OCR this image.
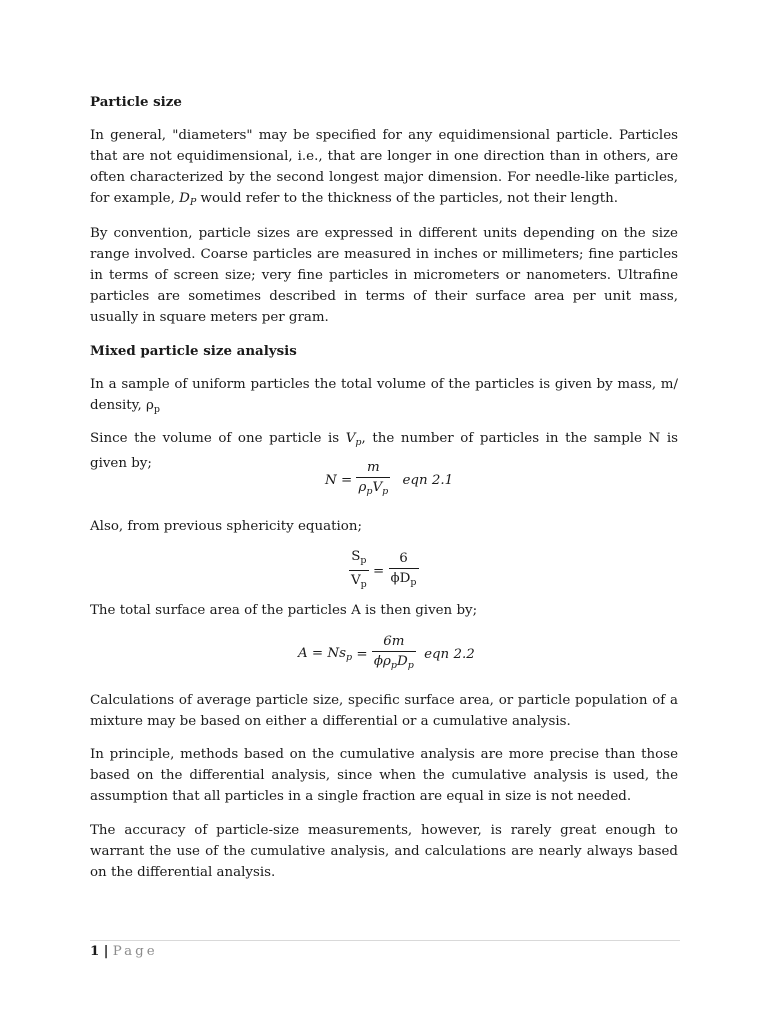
Particle size

In general, "diameters" may be specified for any equidimensional particle. Particles that are not equidimensional, i.e., that are longer in one direction than in others, are often characterized by the second longest major dimension. For needle-like particles, for example, $D_P$ would refer to the thickness of the particles, not their length.

By convention, particle sizes are expressed in different units depending on the size range involved. Coarse particles are measured in inches or millimeters; fine particles in terms of screen size; very fine particles in micrometers or nanometers. Ultrafine particles are sometimes described in terms of their surface area per unit mass, usually in square meters per gram.

Mixed particle size analysis

In a sample of uniform particles the total volume of the particles is given by mass, m/ density, $\rho_p$

Since the volume of one particle is $V_p$, the number of particles in the sample N is given by;

$N = \frac{m}{\rho_pV_p}$ eqn 2.1

Also, from previous sphericity equation;

$\frac{S_p}{V_p} = \frac{6}{\phi D_p}$

The total surface area of the particles A is then given by;

$A = Ns_p = \frac{6m}{\phi\rho_pD_p}$ eqn 2.2

Calculations of average particle size, specific surface area, or particle population of a mixture may be based on either a differential or a cumulative analysis.

In principle, methods based on the cumulative analysis are more precise than those based on the differential analysis, since when the cumulative analysis is used, the assumption that all particles in a single fraction are equal in size is not needed.

The accuracy of particle-size measurements, however, is rarely great enough to warrant the use of the cumulative analysis, and calculations are nearly always based on the differential analysis.

1 | Page
